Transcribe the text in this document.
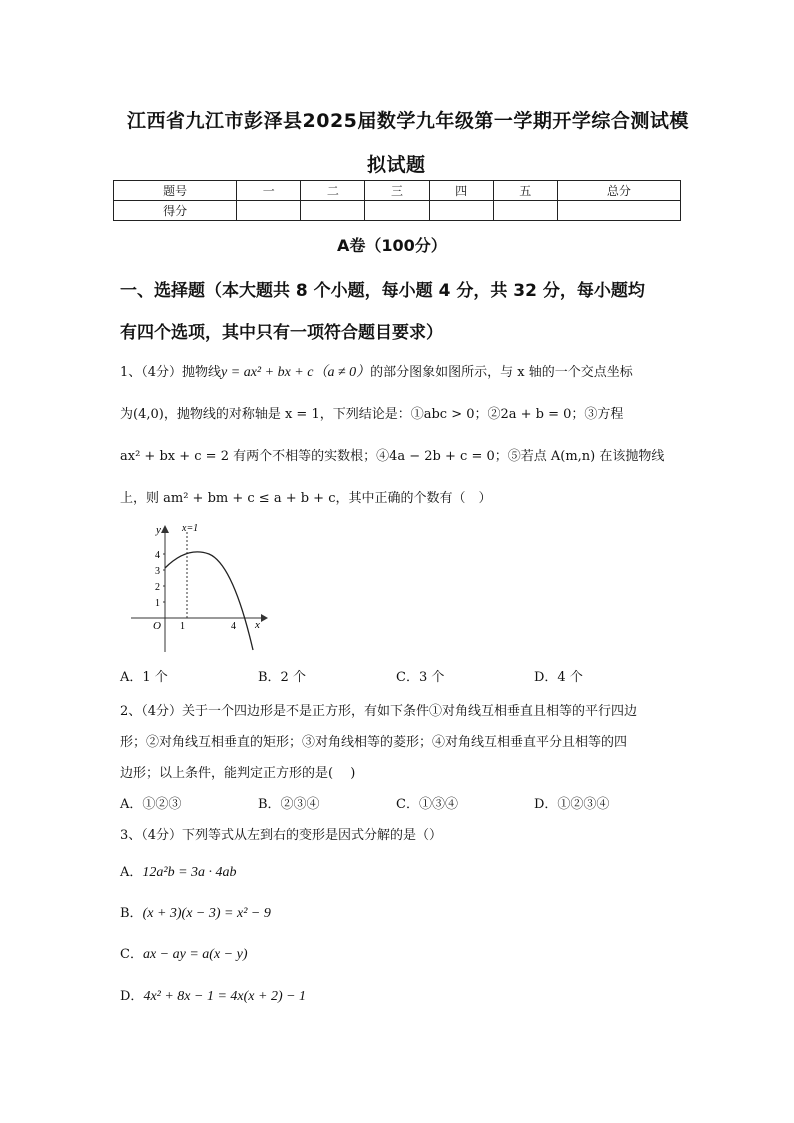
江西省九江市彭泽县2025届数学九年级第一学期开学综合测试模
拟试题
题号	一	二	三	四	五	总分
得分						
A卷（100分）
一、选择题（本大题共 8 个小题，每小题 4 分，共 32 分，每小题均
有四个选项，其中只有一项符合题目要求）
1、（4分）抛物线y = ax² + bx + c（a ≠ 0）的部分图象如图所示，与 x 轴的一个交点坐标
为(4,0)，抛物线的对称轴是 x = 1，下列结论是：①abc > 0；②2a + b = 0；③方程
ax² + bx + c = 2 有两个不相等的实数根；④4a − 2b + c = 0；⑤若点 A(m,n) 在该抛物线
上，则 am² + bm + c ≤ a + b + c，其中正确的个数有（　）
y
x
O
x=1
1	4
1
2
3
4
A．1 个	B．2 个	C．3 个	D．4 个
2、（4分）关于一个四边形是不是正方形，有如下条件①对角线互相垂直且相等的平行四边
形；②对角线互相垂直的矩形；③对角线相等的菱形；④对角线互相垂直平分且相等的四
边形；以上条件，能判定正方形的是(　 )
A．①②③	B．②③④	C．①③④	D．①②③④
3、（4分）下列等式从左到右的变形是因式分解的是（）
A．12a²b = 3a · 4ab
B．(x + 3)(x − 3) = x² − 9
C．ax − ay = a(x − y)
D．4x² + 8x − 1 = 4x(x + 2) − 1
